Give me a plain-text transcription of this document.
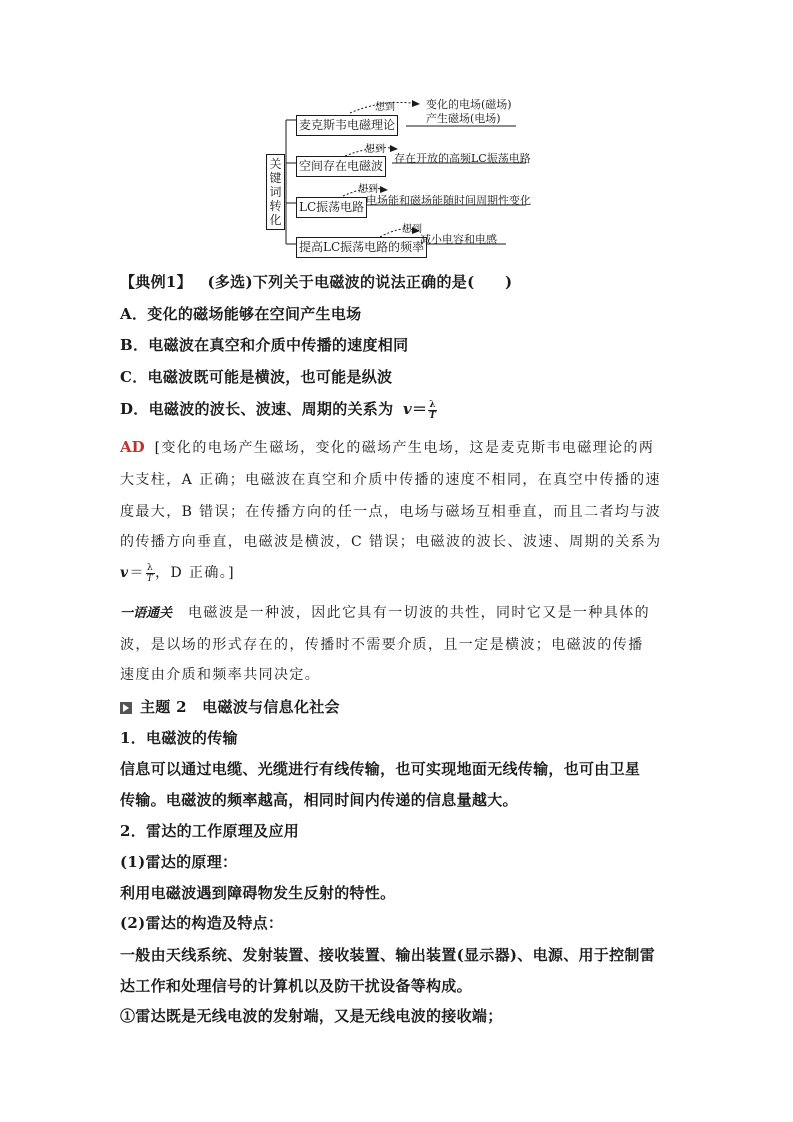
关
键
词
转
化
麦克斯韦电磁理论
想到	变化的电场(磁场)
产生磁场(电场)
空间存在电磁波
想到
存在开放的高频LC振荡电路
LC振荡电路
想到
电场能和磁场能随时间周期性变化
提高LC振荡电路的频率
想到
减小电容和电感
【典例1】 (多选)下列关于电磁波的说法正确的是(　　)
A．变化的磁场能够在空间产生电场
B．电磁波在真空和介质中传播的速度相同
C．电磁波既可能是横波，也可能是纵波
D．电磁波的波长、波速、周期的关系为 $v= \frac{\lambda}{T}$
AD [变化的电场产生磁场，变化的磁场产生电场，这是麦克斯韦电磁理论的两
大支柱，A 正确；电磁波在真空和介质中传播的速度不相同，在真空中传播的速
度最大，B 错误；在传播方向的任一点，电场与磁场互相垂直，而且二者均与波
的传播方向垂直，电磁波是横波，C 错误；电磁波的波长、波速、周期的关系为
$v= \frac{\lambda}{T}$ ，D 正确。]
一语通关 电磁波是一种波，因此它具有一切波的共性，同时它又是一种具体的
波，是以场的形式存在的，传播时不需要介质，且一定是横波；电磁波的传播
速度由介质和频率共同决定。
主题 2　电磁波与信息化社会
1．电磁波的传输
信息可以通过电缆、光缆进行有线传输，也可实现地面无线传输，也可由卫星
传输。电磁波的频率越高，相同时间内传递的信息量越大。
2．雷达的工作原理及应用
(1)雷达的原理：
利用电磁波遇到障碍物发生反射的特性。
(2)雷达的构造及特点：
一般由天线系统、发射装置、接收装置、输出装置(显示器)、电源、用于控制雷
达工作和处理信号的计算机以及防干扰设备等构成。
①雷达既是无线电波的发射端，又是无线电波的接收端；
